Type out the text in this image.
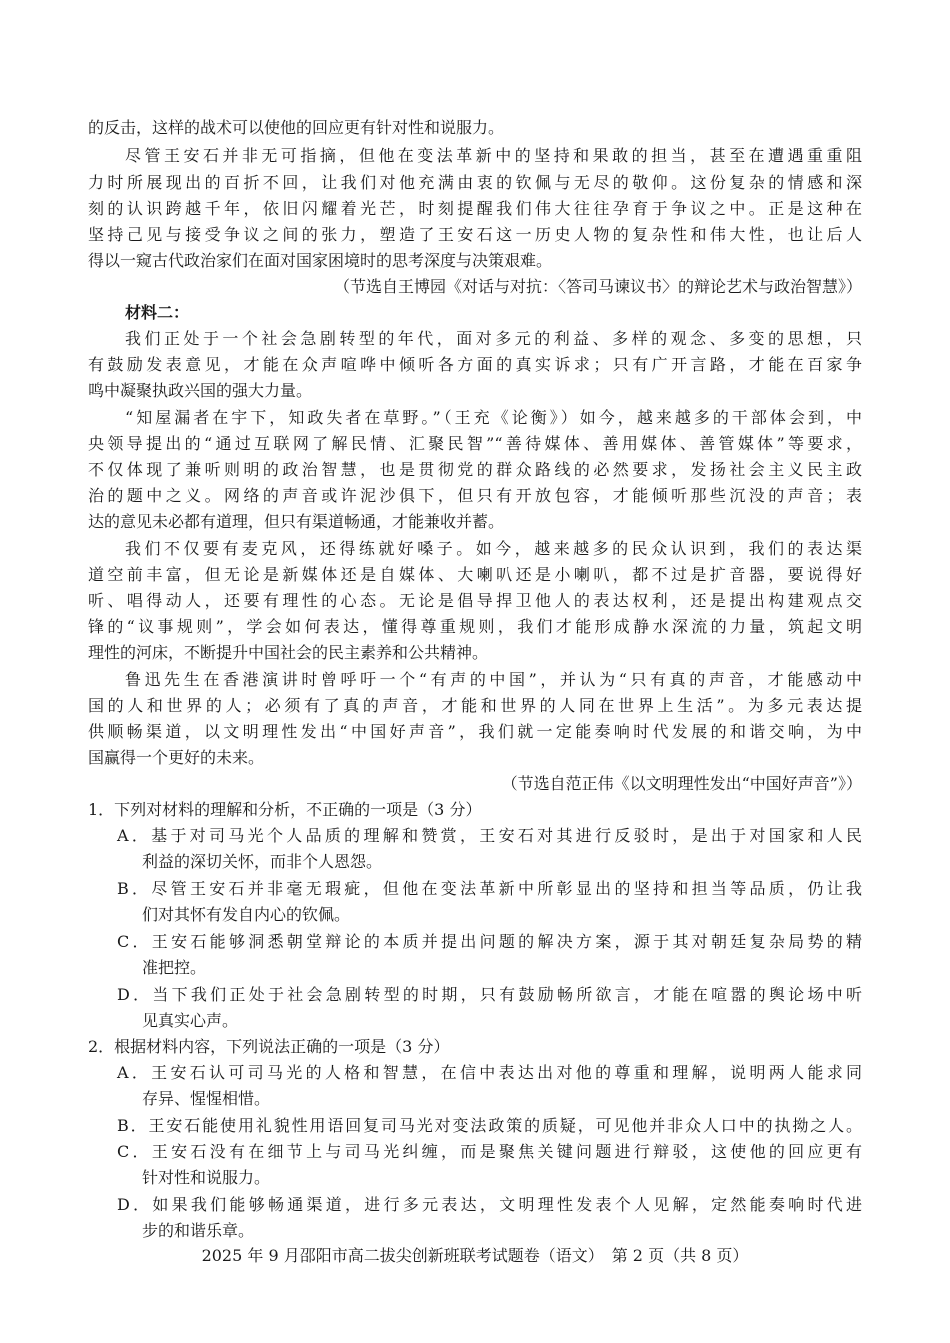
的反击，这样的战术可以使他的回应更有针对性和说服力。
尽管王安石并非无可指摘，但他在变法革新中的坚持和果敢的担当，甚至在遭遇重重阻
力时所展现出的百折不回，让我们对他充满由衷的钦佩与无尽的敬仰。这份复杂的情感和深
刻的认识跨越千年，依旧闪耀着光芒，时刻提醒我们伟大往往孕育于争议之中。正是这种在
坚持己见与接受争议之间的张力，塑造了王安石这一历史人物的复杂性和伟大性，也让后人
得以一窥古代政治家们在面对国家困境时的思考深度与决策艰难。
（节选自王博园《对话与对抗：〈答司马谏议书〉的辩论艺术与政治智慧》）
材料二：
我们正处于一个社会急剧转型的年代，面对多元的利益、多样的观念、多变的思想，只
有鼓励发表意见，才能在众声喧哗中倾听各方面的真实诉求；只有广开言路，才能在百家争
鸣中凝聚执政兴国的强大力量。
“知屋漏者在宇下，知政失者在草野。”（王充《论衡》）如今，越来越多的干部体会到，中
央领导提出的“通过互联网了解民情、汇聚民智”“善待媒体、善用媒体、善管媒体”等要求，
不仅体现了兼听则明的政治智慧，也是贯彻党的群众路线的必然要求，发扬社会主义民主政
治的题中之义。网络的声音或许泥沙俱下，但只有开放包容，才能倾听那些沉没的声音；表
达的意见未必都有道理，但只有渠道畅通，才能兼收并蓄。
我们不仅要有麦克风，还得练就好嗓子。如今，越来越多的民众认识到，我们的表达渠
道空前丰富，但无论是新媒体还是自媒体、大喇叭还是小喇叭，都不过是扩音器，要说得好
听、唱得动人，还要有理性的心态。无论是倡导捍卫他人的表达权利，还是提出构建观点交
锋的“议事规则”，学会如何表达，懂得尊重规则，我们才能形成静水深流的力量，筑起文明
理性的河床，不断提升中国社会的民主素养和公共精神。
鲁迅先生在香港演讲时曾呼吁一个“有声的中国”，并认为“只有真的声音，才能感动中
国的人和世界的人；必须有了真的声音，才能和世界的人同在世界上生活”。为多元表达提
供顺畅渠道，以文明理性发出“中国好声音”，我们就一定能奏响时代发展的和谐交响，为中
国赢得一个更好的未来。
（节选自范正伟《以文明理性发出“中国好声音”》）
1．下列对材料的理解和分析，不正确的一项是（3 分）
A．基于对司马光个人品质的理解和赞赏，王安石对其进行反驳时，是出于对国家和人民
利益的深切关怀，而非个人恩怨。
B．尽管王安石并非毫无瑕疵，但他在变法革新中所彰显出的坚持和担当等品质，仍让我
们对其怀有发自内心的钦佩。
C．王安石能够洞悉朝堂辩论的本质并提出问题的解决方案，源于其对朝廷复杂局势的精
准把控。
D．当下我们正处于社会急剧转型的时期，只有鼓励畅所欲言，才能在喧嚣的舆论场中听
见真实心声。
2．根据材料内容，下列说法正确的一项是（3 分）
A．王安石认可司马光的人格和智慧，在信中表达出对他的尊重和理解，说明两人能求同
存异、惺惺相惜。
B．王安石能使用礼貌性用语回复司马光对变法政策的质疑，可见他并非众人口中的执拗之人。
C．王安石没有在细节上与司马光纠缠，而是聚焦关键问题进行辩驳，这使他的回应更有
针对性和说服力。
D．如果我们能够畅通渠道，进行多元表达，文明理性发表个人见解，定然能奏响时代进
步的和谐乐章。
2025 年 9 月邵阳市高二拔尖创新班联考试题卷（语文）　第 2 页（共 8 页）
